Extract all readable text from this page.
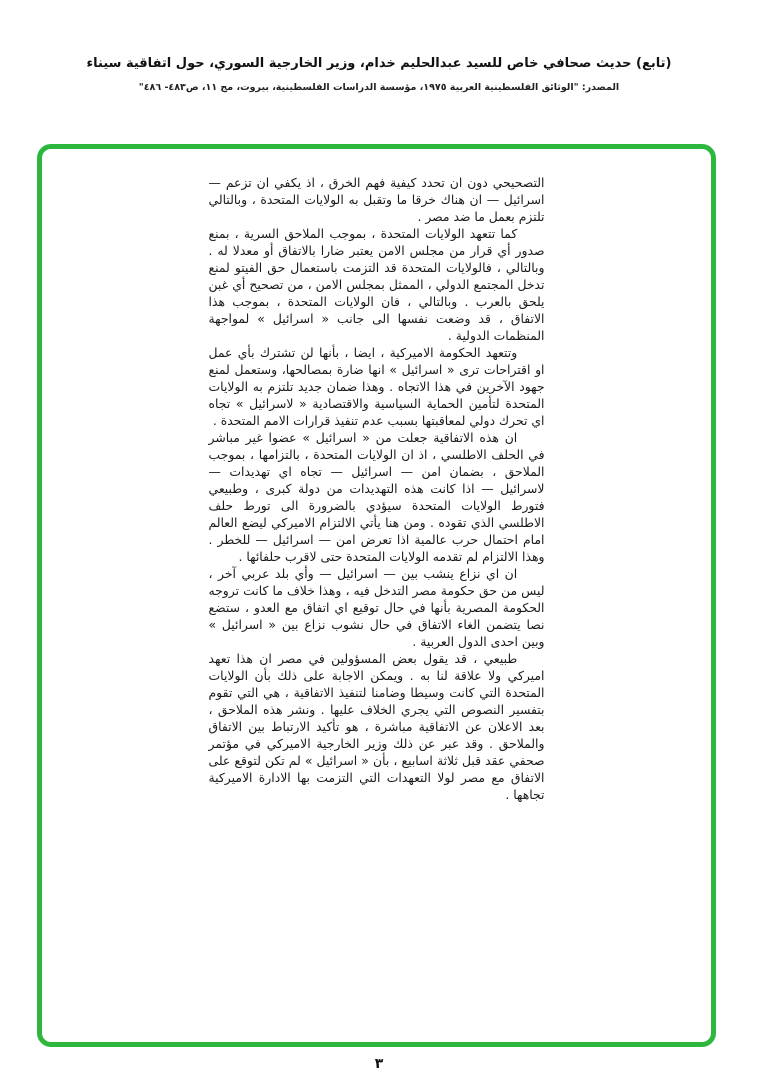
(تابع) حديث صحافي خاص للسيد عبدالحليم خدام، وزير الخارجية السوري، حول اتفاقية سيناء
المصدر: "الوثائق الفلسطينية العربية ١٩٧٥، مؤسسة الدراسات الفلسطينية، بيروت، مج ١١، ص٤٨٣- ٤٨٦"

التصحيحي دون ان تحدد كيفية فهم الخرق ، اذ يكفي ان تزعم — اسرائيل — ان هناك خرقا ما وتقبل به الولايات المتحدة ، وبالتالي تلتزم بعمل ما ضد مصر .

كما تتعهد الولايات المتحدة ، بموجب الملاحق السرية ، بمنع صدور أي قرار من مجلس الامن يعتبر ضارا بالاتفاق أو معدلا له . وبالتالي ، فالولايات المتحدة قد التزمت باستعمال حق الفيتو لمنع تدخل المجتمع الدولي ، الممثل بمجلس الامن ، من تصحيح أي غبن يلحق بالعرب . وبالتالي ، فان الولايات المتحدة ، بموجب هذا الاتفاق ، قد وضعت نفسها الى جانب « اسرائيل » لمواجهة المنظمات الدولية .

وتتعهد الحكومة الاميركية ، ايضا ، بأنها لن تشترك بأي عمل او اقتراحات ترى « اسرائيل » انها ضارة بمصالحها، وستعمل لمنع جهود الآخرين في هذا الاتجاه . وهذا ضمان جديد تلتزم به الولايات المتحدة لتأمين الحماية السياسية والاقتصادية « لاسرائيل » تجاه اي تحرك دولي لمعاقبتها بسبب عدم تنفيذ قرارات الامم المتحدة .

ان هذه الاتفاقية جعلت من « اسرائيل » عضوا غير مباشر في الحلف الاطلسي ، اذ ان الولايات المتحدة ، بالتزامها ، بموجب الملاحق ، بضمان امن — اسرائيل — تجاه اي تهديدات — لاسرائيل — اذا كانت هذه التهديدات من دولة كبرى ، وطبيعي فتورط الولايات المتحدة سيؤدي بالضرورة الى تورط حلف الاطلسي الذي تقوده . ومن هنا يأتي الالتزام الاميركي ليضع العالم امام احتمال حرب عالمية اذا تعرض امن — اسرائيل — للخطر . وهذا الالتزام لم تقدمه الولايات المتحدة حتى لاقرب حلفائها .

ان اي نزاع ينشب بين — اسرائيل — وأي بلد عربي آخر ، ليس من حق حكومة مصر التدخل فيه ، وهذا خلاف ما كانت تروجه الحكومة المصرية بأنها في حال توقيع اي اتفاق مع العدو ، ستضع نصا يتضمن الغاء الاتفاق في حال نشوب نزاع بين « اسرائيل » وبين احدى الدول العربية .

طبيعي ، قد يقول بعض المسؤولين في مصر ان هذا تعهد اميركي ولا علاقة لنا به . ويمكن الاجابة على ذلك بأن الولايات المتحدة التي كانت وسيطا وضامنا لتنفيذ الاتفاقية ، هي التي تقوم بتفسير النصوص التي يجري الخلاف عليها . ونشر هذه الملاحق ، بعد الاعلان عن الاتفاقية مباشرة ، هو تأكيد الارتباط بين الاتفاق والملاحق . وقد عبر عن ذلك وزير الخارجية الاميركي في مؤتمر صحفي عقد قبل ثلاثة اسابيع ، بأن « اسرائيل » لم تكن لتوقع على الاتفاق مع مصر لولا التعهدات التي التزمت بها الادارة الاميركية تجاهها .

٣
